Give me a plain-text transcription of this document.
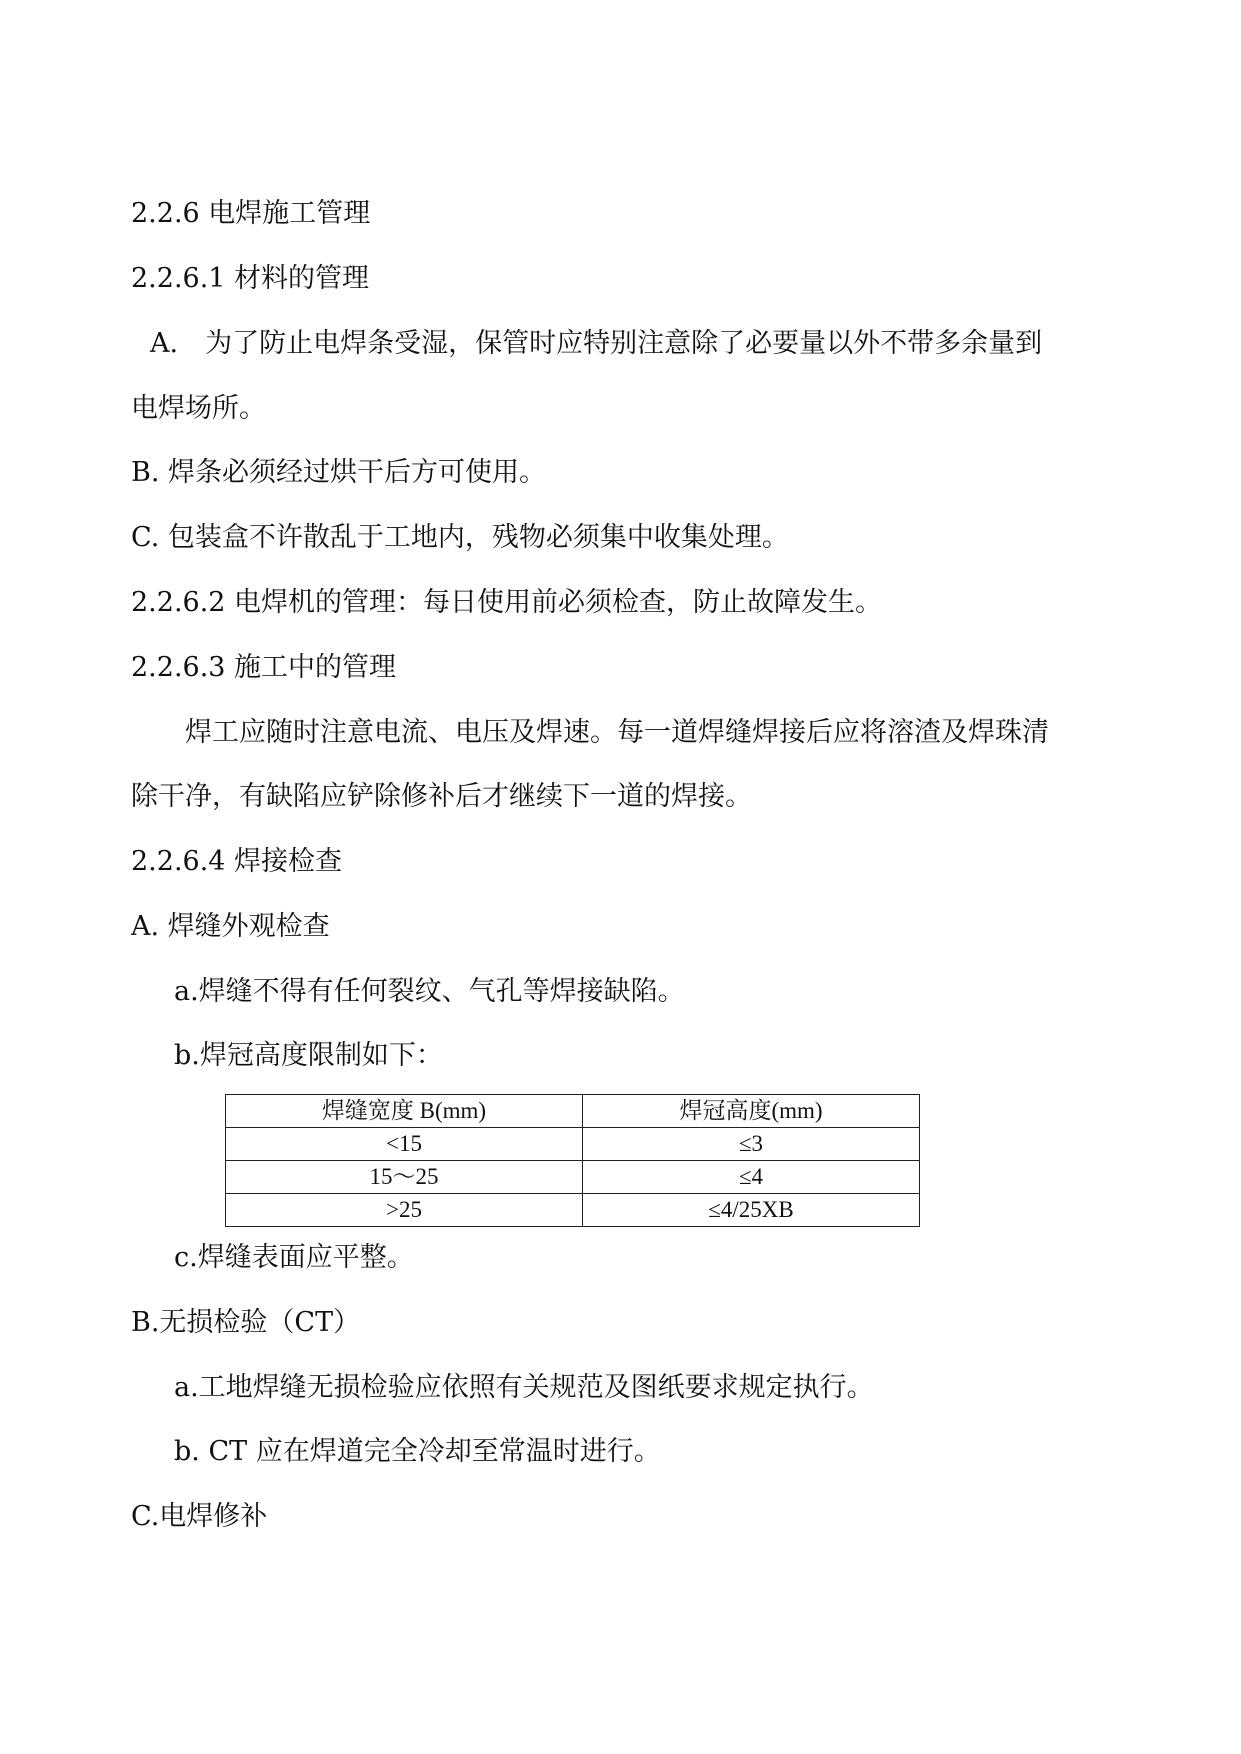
2.2.6 电焊施工管理
2.2.6.1 材料的管理
A.　为了防止电焊条受湿，保管时应特别注意除了必要量以外不带多余量到
电焊场所。
B. 焊条必须经过烘干后方可使用。
C. 包装盒不许散乱于工地内，残物必须集中收集处理。
2.2.6.2 电焊机的管理：每日使用前必须检查，防止故障发生。
2.2.6.3 施工中的管理
焊工应随时注意电流、电压及焊速。每一道焊缝焊接后应将溶渣及焊珠清
除干净，有缺陷应铲除修补后才继续下一道的焊接。
2.2.6.4 焊接检查
A. 焊缝外观检查
a.焊缝不得有任何裂纹、气孔等焊接缺陷。
b.焊冠高度限制如下：
焊缝宽度 B(mm)	焊冠高度(mm)
<15	≤3
15～25	≤4
>25	≤4/25XB
c.焊缝表面应平整。
B.无损检验（CT）
a.工地焊缝无损检验应依照有关规范及图纸要求规定执行。
b. CT 应在焊道完全冷却至常温时进行。
C.电焊修补
